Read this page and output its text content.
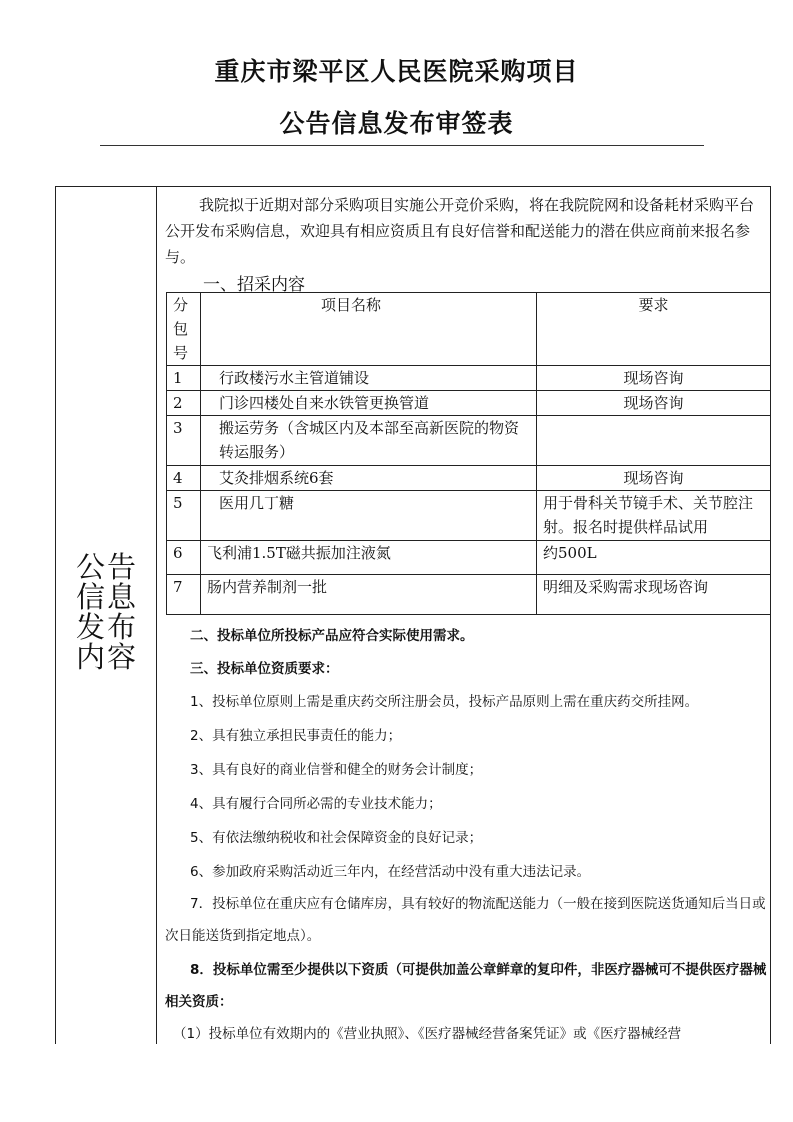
重庆市梁平区人民医院采购项目
公告信息发布审签表
公告信息发布内容
我院拟于近期对部分采购项目实施公开竞价采购，将在我院院网和设备耗材采购平台公开发布采购信息，欢迎具有相应资质且有良好信誉和配送能力的潜在供应商前来报名参与。
一、招采内容
分包号	项目名称	要求
1	行政楼污水主管道铺设	现场咨询
2	门诊四楼处自来水铁管更换管道	现场咨询
3	搬运劳务（含城区内及本部至高新医院的物资转运服务）	
4	艾灸排烟系统6套	现场咨询
5	医用几丁糖	用于骨科关节镜手术、关节腔注射。报名时提供样品试用
6	飞利浦1.5T磁共振加注液氮	约500L
7	肠内营养制剂一批	明细及采购需求现场咨询
二、投标单位所投标产品应符合实际使用需求。
三、投标单位资质要求：
1、投标单位原则上需是重庆药交所注册会员，投标产品原则上需在重庆药交所挂网。
2、具有独立承担民事责任的能力；
3、具有良好的商业信誉和健全的财务会计制度；
4、具有履行合同所必需的专业技术能力；
5、有依法缴纳税收和社会保障资金的良好记录；
6、参加政府采购活动近三年内，在经营活动中没有重大违法记录。
7．投标单位在重庆应有仓储库房，具有较好的物流配送能力（一般在接到医院送货通知后当日或次日能送货到指定地点）。
8．投标单位需至少提供以下资质（可提供加盖公章鲜章的复印件，非医疗器械可不提供医疗器械相关资质：
（1）投标单位有效期内的《营业执照》、《医疗器械经营备案凭证》或《医疗器械经营
